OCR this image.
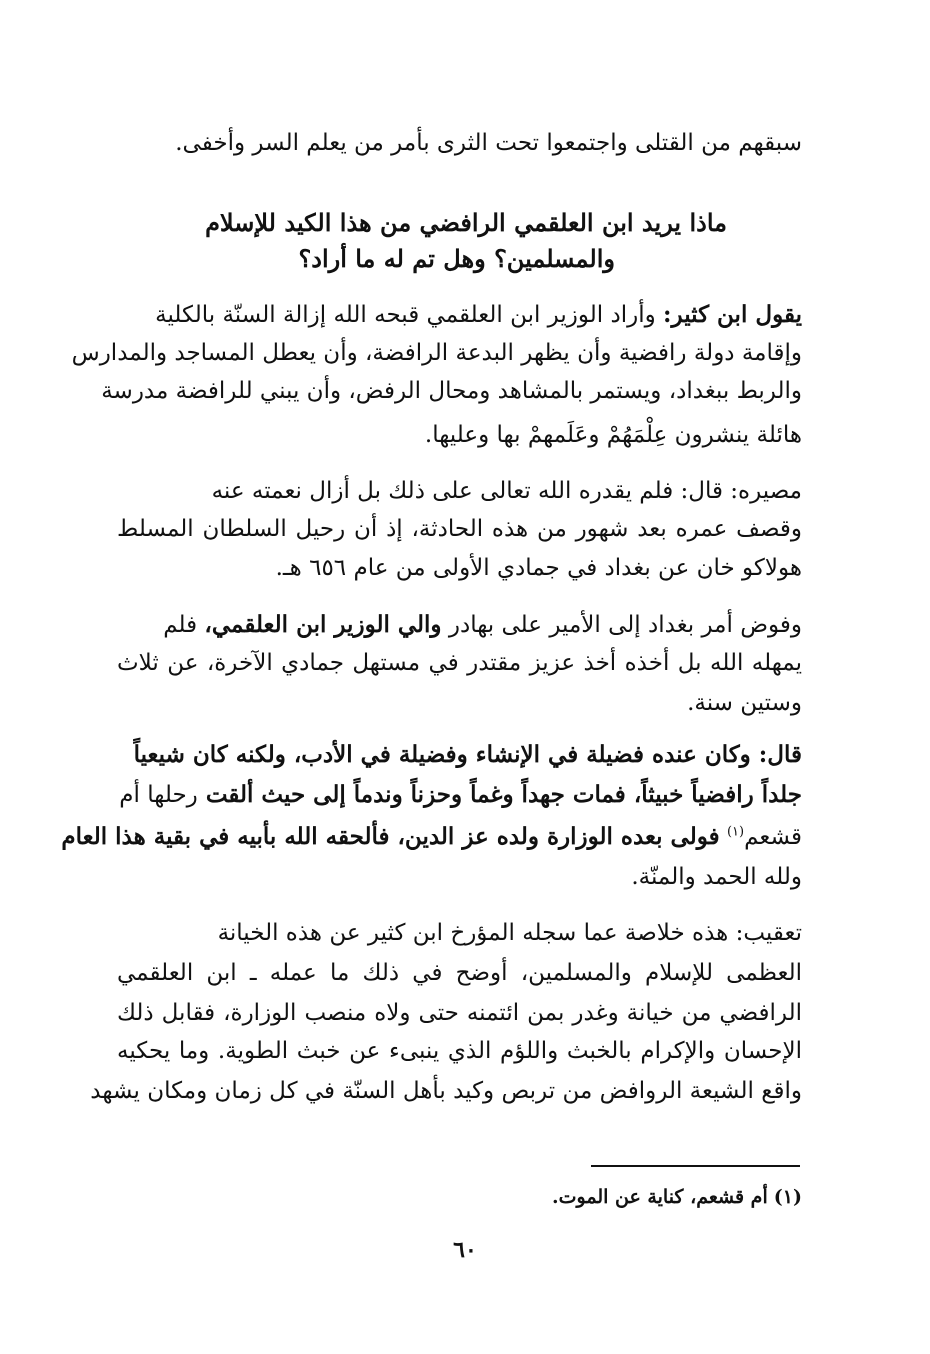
سبقهم من القتلى واجتمعوا تحت الثرى بأمر من يعلم السر وأخفى.
ماذا يريد ابن العلقمي الرافضي من هذا الكيد للإسلام
والمسلمين؟ وهل تم له ما أراد؟
يقول ابن كثير: وأراد الوزير ابن العلقمي قبحه الله إزالة السنّة بالكلية
وإقامة دولة رافضية وأن يظهر البدعة الرافضة، وأن يعطل المساجد والمدارس
والربط ببغداد، ويستمر بالمشاهد ومحال الرفض، وأن يبني للرافضة مدرسة
هائلة ينشرون عِلْمَهُمْ وعَلَمهمْ بها وعليها.
مصيره: قال: فلم يقدره الله تعالى على ذلك بل أزال نعمته عنه
وقصف عمره بعد شهور من هذه الحادثة، إذ أن رحيل السلطان المسلط
هولاكو خان عن بغداد في جمادي الأولى من عام ٦٥٦ هـ.
وفوض أمر بغداد إلى الأمير على بهادر والي الوزير ابن العلقمي، فلم
يمهله الله بل أخذه أخذ عزيز مقتدر في مستهل جمادي الآخرة، عن ثلاث
وستين سنة.
قال: وكان عنده فضيلة في الإنشاء وفضيلة في الأدب، ولكنه كان شيعياً
جلداً رافضياً خبيثاً، فمات جهداً وغماً وحزناً وندماً إلى حيث ألقت رحلها أم
قشعم$^{(١)}$ فولى بعده الوزارة ولده عز الدين، فألحقه الله بأبيه في بقية هذا العام
ولله الحمد والمنّة.
تعقيب: هذه خلاصة عما سجله المؤرخ ابن كثير عن هذه الخيانة
العظمى للإسلام والمسلمين، أوضح في ذلك ما عمله ـ ابن العلقمي
الرافضي من خيانة وغدر بمن ائتمنه حتى ولاه منصب الوزارة، فقابل ذلك
الإحسان والإكرام بالخبث واللؤم الذي ينبىء عن خبث الطوية. وما يحكيه
واقع الشيعة الروافض من تربص وكيد بأهل السنّة في كل زمان ومكان يشهد
(١) أم قشعم، كناية عن الموت.
٦٠
